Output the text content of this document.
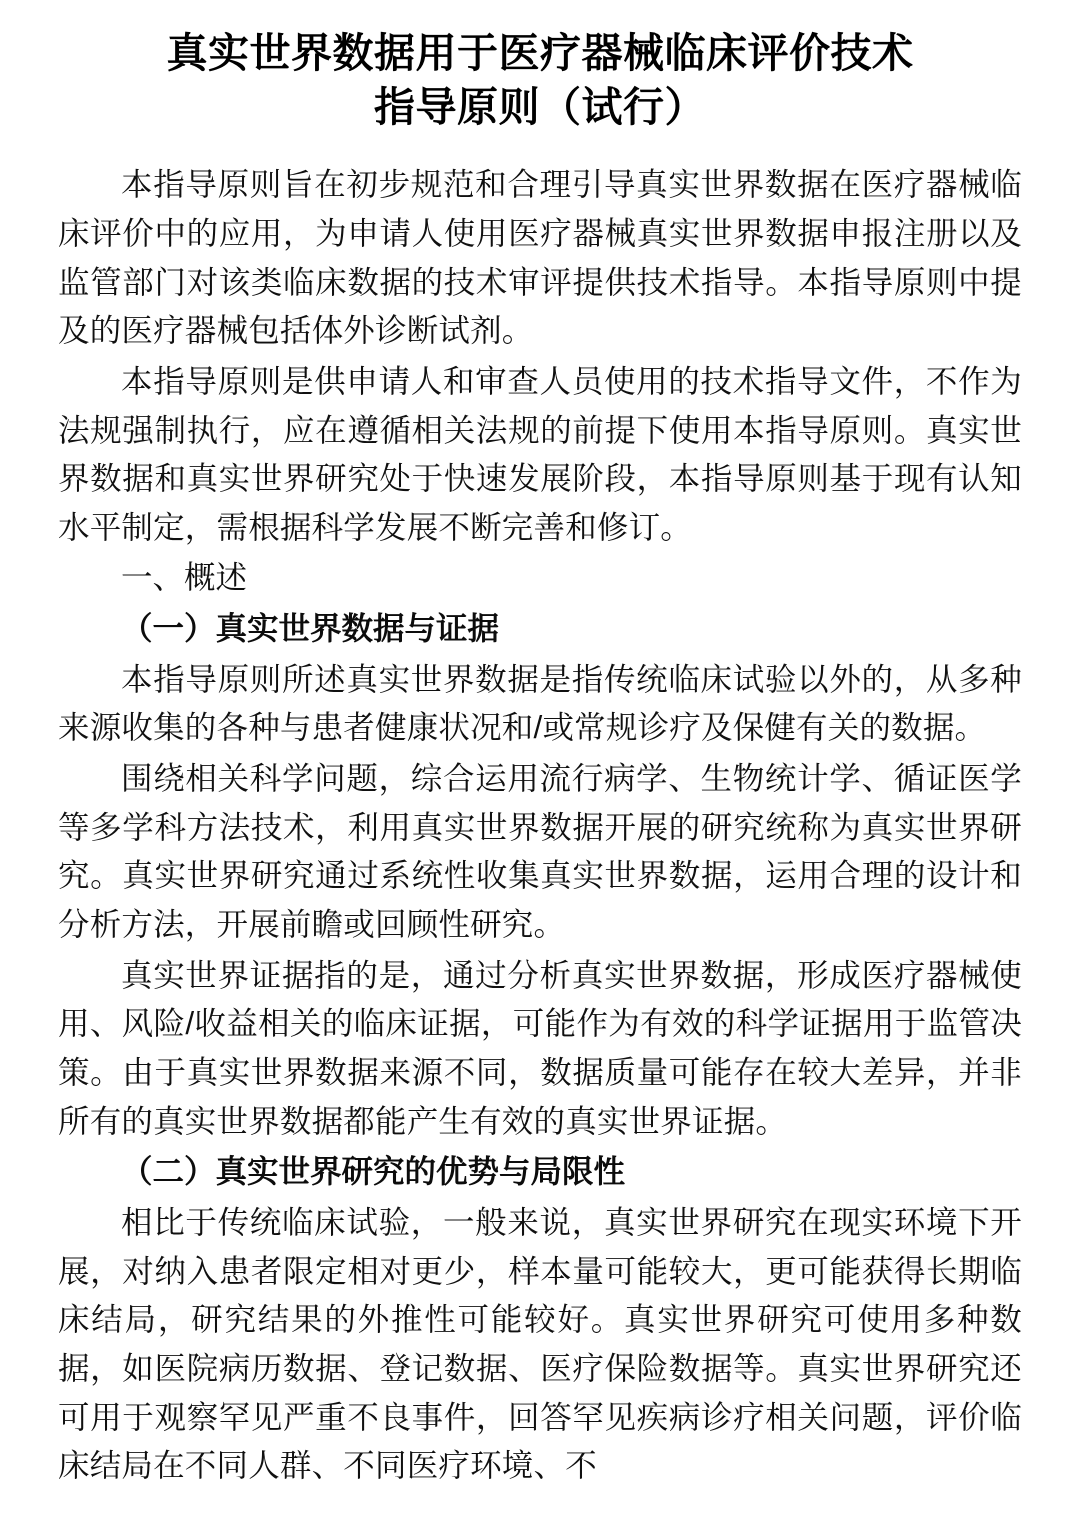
真实世界数据用于医疗器械临床评价技术
指导原则（试行）

本指导原则旨在初步规范和合理引导真实世界数据在医疗器械临床评价中的应用，为申请人使用医疗器械真实世界数据申报注册以及监管部门对该类临床数据的技术审评提供技术指导。本指导原则中提及的医疗器械包括体外诊断试剂。

本指导原则是供申请人和审查人员使用的技术指导文件，不作为法规强制执行，应在遵循相关法规的前提下使用本指导原则。真实世界数据和真实世界研究处于快速发展阶段，本指导原则基于现有认知水平制定，需根据科学发展不断完善和修订。

一、概述

（一）真实世界数据与证据

本指导原则所述真实世界数据是指传统临床试验以外的，从多种来源收集的各种与患者健康状况和/或常规诊疗及保健有关的数据。

围绕相关科学问题，综合运用流行病学、生物统计学、循证医学等多学科方法技术，利用真实世界数据开展的研究统称为真实世界研究。真实世界研究通过系统性收集真实世界数据，运用合理的设计和分析方法，开展前瞻或回顾性研究。

真实世界证据指的是，通过分析真实世界数据，形成医疗器械使用、风险/收益相关的临床证据，可能作为有效的科学证据用于监管决策。由于真实世界数据来源不同，数据质量可能存在较大差异，并非所有的真实世界数据都能产生有效的真实世界证据。

（二）真实世界研究的优势与局限性

相比于传统临床试验，一般来说，真实世界研究在现实环境下开展，对纳入患者限定相对更少，样本量可能较大，更可能获得长期临床结局，研究结果的外推性可能较好。真实世界研究可使用多种数据，如医院病历数据、登记数据、医疗保险数据等。真实世界研究还可用于观察罕见严重不良事件，回答罕见疾病诊疗相关问题，评价临床结局在不同人群、不同医疗环境、不
